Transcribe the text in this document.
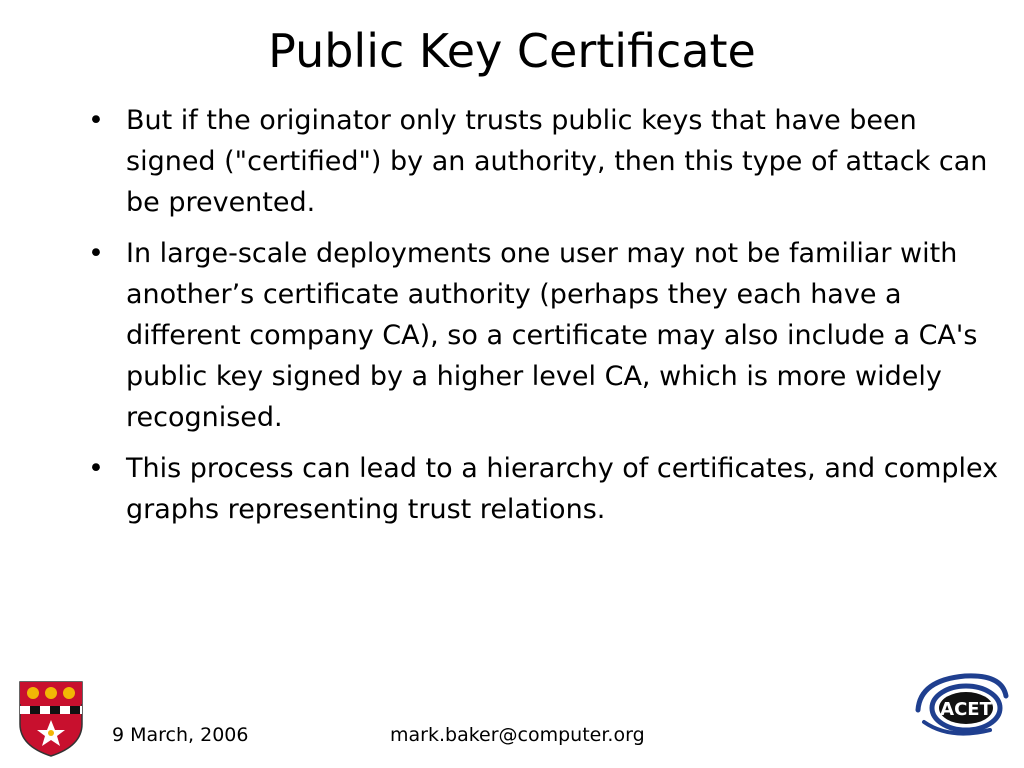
Public Key Certificate
• But if the originator only trusts public keys that have been signed ("certified") by an authority, then this type of attack can be prevented.
• In large-scale deployments one user may not be familiar with another’s certificate authority (perhaps they each have a different company CA), so a certificate may also include a CA's public key signed by a higher level CA, which is more widely recognised.
• This process can lead to a hierarchy of certificates, and complex graphs representing trust relations.
9 March, 2006	mark.baker@computer.org
ACET
